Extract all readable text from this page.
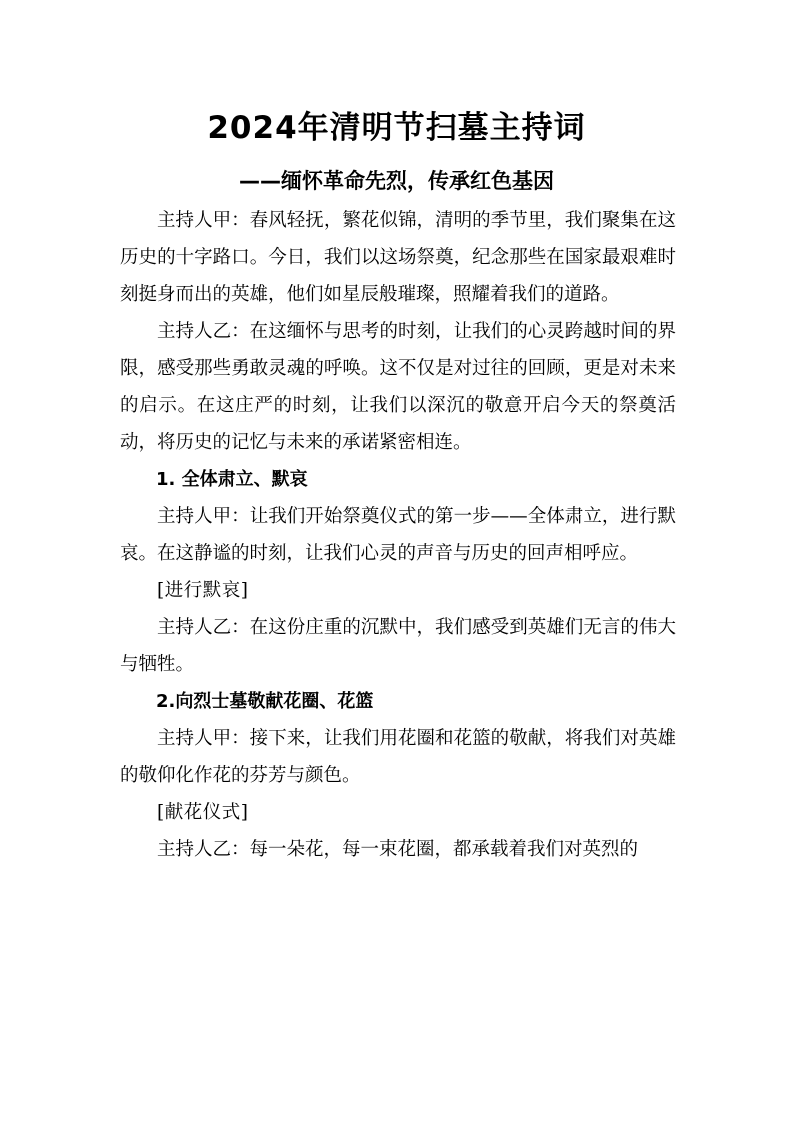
2024年清明节扫墓主持词
——缅怀革命先烈，传承红色基因

主持人甲：春风轻抚，繁花似锦，清明的季节里，我们聚集在这历史的十字路口。今日，我们以这场祭奠，纪念那些在国家最艰难时刻挺身而出的英雄，他们如星辰般璀璨，照耀着我们的道路。

主持人乙：在这缅怀与思考的时刻，让我们的心灵跨越时间的界限，感受那些勇敢灵魂的呼唤。这不仅是对过往的回顾，更是对未来的启示。在这庄严的时刻，让我们以深沉的敬意开启今天的祭奠活动，将历史的记忆与未来的承诺紧密相连。

1. 全体肃立、默哀

主持人甲：让我们开始祭奠仪式的第一步——全体肃立，进行默哀。在这静谧的时刻，让我们心灵的声音与历史的回声相呼应。

[进行默哀]

主持人乙：在这份庄重的沉默中，我们感受到英雄们无言的伟大与牺牲。

2.向烈士墓敬献花圈、花篮

主持人甲：接下来，让我们用花圈和花篮的敬献，将我们对英雄的敬仰化作花的芬芳与颜色。

[献花仪式]

主持人乙：每一朵花，每一束花圈，都承载着我们对英烈的
